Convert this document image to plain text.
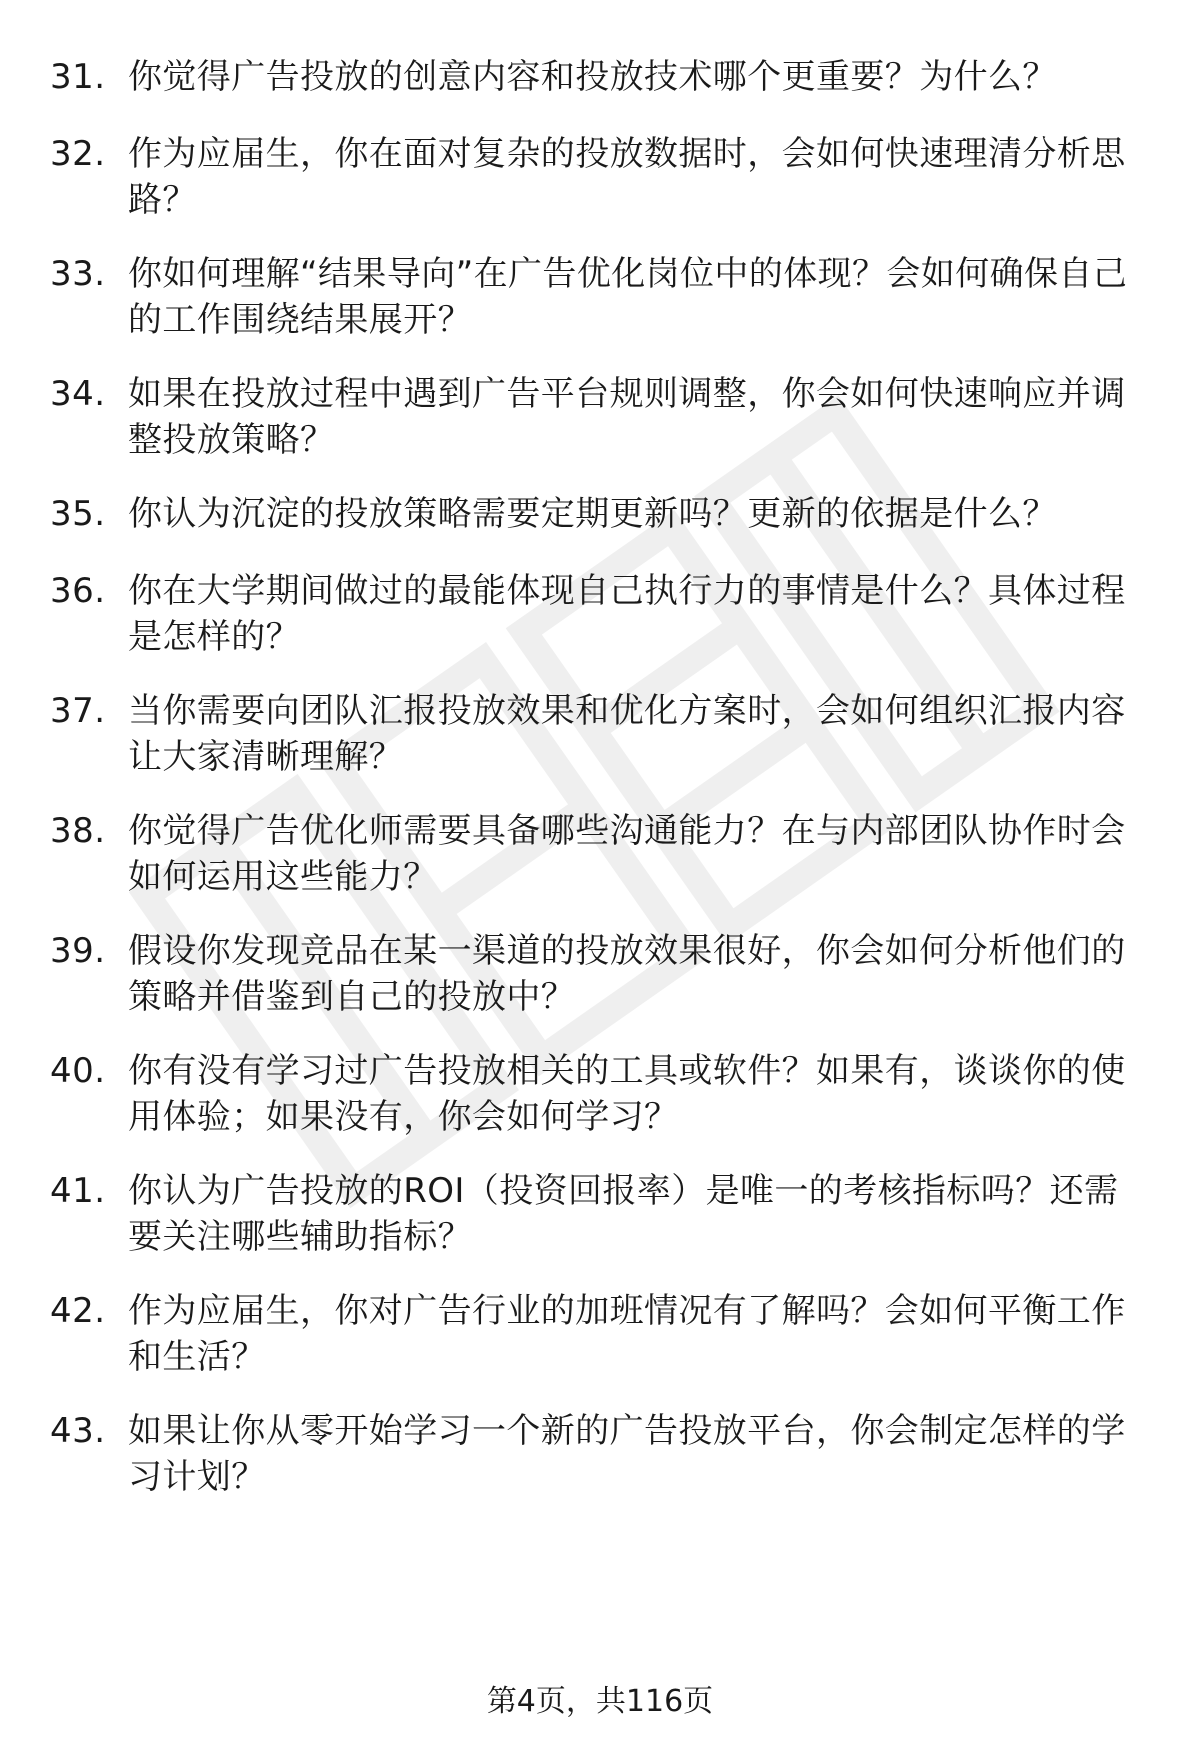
31. 你觉得广告投放的创意内容和投放技术哪个更重要？为什么？
32. 作为应届生，你在面对复杂的投放数据时，会如何快速理清分析思路？
33. 你如何理解“结果导向”在广告优化岗位中的体现？会如何确保自己的工作围绕结果展开？
34. 如果在投放过程中遇到广告平台规则调整，你会如何快速响应并调整投放策略？
35. 你认为沉淀的投放策略需要定期更新吗？更新的依据是什么？
36. 你在大学期间做过的最能体现自己执行力的事情是什么？具体过程是怎样的？
37. 当你需要向团队汇报投放效果和优化方案时，会如何组织汇报内容让大家清晰理解？
38. 你觉得广告优化师需要具备哪些沟通能力？在与内部团队协作时会如何运用这些能力？
39. 假设你发现竞品在某一渠道的投放效果很好，你会如何分析他们的策略并借鉴到自己的投放中？
40. 你有没有学习过广告投放相关的工具或软件？如果有，谈谈你的使用体验；如果没有，你会如何学习？
41. 你认为广告投放的ROI（投资回报率）是唯一的考核指标吗？还需要关注哪些辅助指标？
42. 作为应届生，你对广告行业的加班情况有了解吗？会如何平衡工作和生活？
43. 如果让你从零开始学习一个新的广告投放平台，你会制定怎样的学习计划？
第4页，共116页
